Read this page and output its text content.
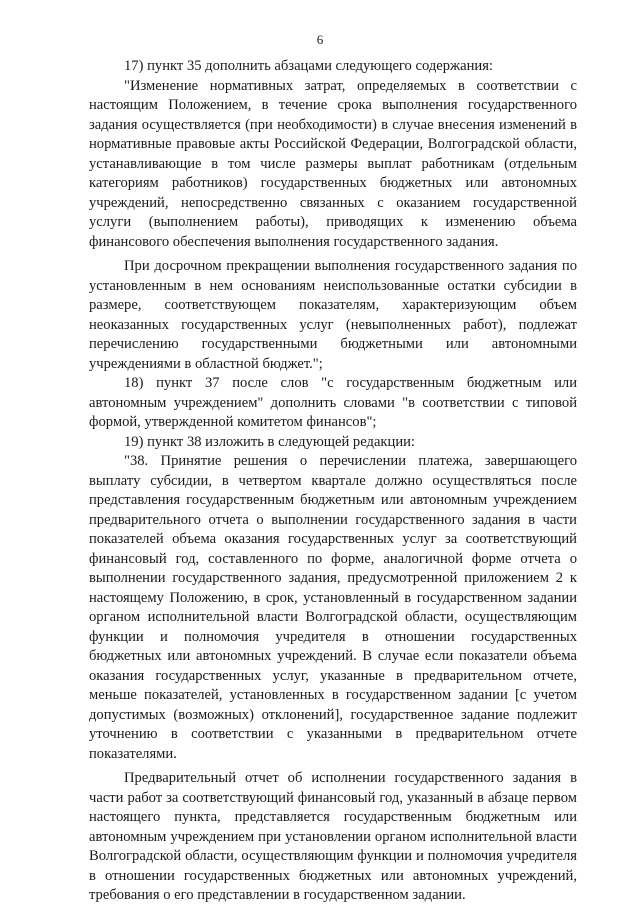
6

17) пункт 35 дополнить абзацами следующего содержания:

"Изменение нормативных затрат, определяемых в соответствии с настоящим Положением, в течение срока выполнения государственного задания осуществляется (при необходимости) в случае внесения изменений в нормативные правовые акты Российской Федерации, Волгоградской области, устанавливающие в том числе размеры выплат работникам (отдельным категориям работников) государственных бюджетных или автономных учреждений, непосредственно связанных с оказанием государственной услуги (выполнением работы), приводящих к изменению объема финансового обеспечения выполнения государственного задания.

При досрочном прекращении выполнения государственного задания по установленным в нем основаниям неиспользованные остатки субсидии в размере, соответствующем показателям, характеризующим объем неоказанных государственных услуг (невыполненных работ), подлежат перечислению государственными бюджетными или автономными учреждениями в областной бюджет.";

18) пункт 37 после слов "с государственным бюджетным или автономным учреждением" дополнить словами "в соответствии с типовой формой, утвержденной комитетом финансов";

19) пункт 38 изложить в следующей редакции:

"38. Принятие решения о перечислении платежа, завершающего выплату субсидии, в четвертом квартале должно осуществляться после представления государственным бюджетным или автономным учреждением предварительного отчета о выполнении государственного задания в части показателей объема оказания государственных услуг за соответствующий финансовый год, составленного по форме, аналогичной форме отчета о выполнении государственного задания, предусмотренной приложением 2 к настоящему Положению, в срок, установленный в государственном задании органом исполнительной власти Волгоградской области, осуществляющим функции и полномочия учредителя в отношении государственных бюджетных или автономных учреждений. В случае если показатели объема оказания государственных услуг, указанные в предварительном отчете, меньше показателей, установленных в государственном задании [с учетом допустимых (возможных) отклонений], государственное задание подлежит уточнению в соответствии с указанными в предварительном отчете показателями.

Предварительный отчет об исполнении государственного задания в части работ за соответствующий финансовый год, указанный в абзаце первом настоящего пункта, представляется государственным бюджетным или автономным учреждением при установлении органом исполнительной власти Волгоградской области, осуществляющим функции и полномочия учредителя в отношении государственных бюджетных или автономных учреждений, требования о его представлении в государственном задании.
